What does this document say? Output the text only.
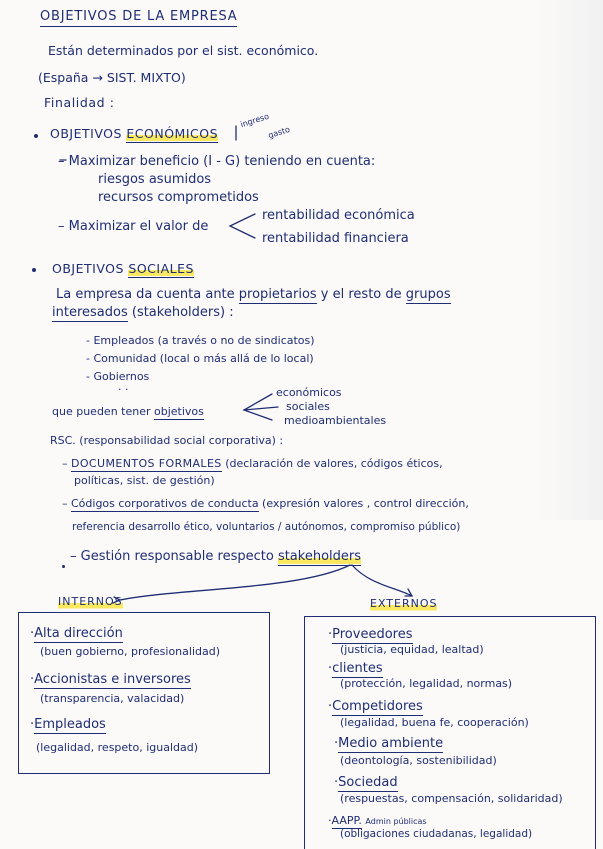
OBJETIVOS DE LA EMPRESA
Están determinados por el sist. económico.
(España → SIST. MIXTO)
Finalidad :
OBJETIVOS ECONÓMICOS
ingreso
gasto
– Maximizar beneficio (I - G) teniendo en cuenta:
riesgos asumidos
recursos comprometidos
– Maximizar el valor de
rentabilidad económica
rentabilidad financiera
OBJETIVOS SOCIALES
La empresa da cuenta ante propietarios y el resto de grupos
interesados (stakeholders) :
- Empleados (a través o no de sindicatos)
- Comunidad (local o más allá de lo local)
- Gobiernos
· ·
que pueden tener objetivos
económicos
sociales
medioambientales
RSC. (responsabilidad social corporativa) :
– DOCUMENTOS FORMALES (declaración de valores, códigos éticos,
políticas, sist. de gestión)
– Códigos corporativos de conducta (expresión valores , control dirección,
referencia desarrollo ético, voluntarios / autónomos, compromiso público)
– Gestión responsable respecto stakeholders
INTERNOS	EXTERNOS
·Alta dirección
(buen gobierno, profesionalidad)
·Accionistas e inversores
(transparencia, valacidad)
·Empleados
(legalidad, respeto, igualdad)
·Proveedores
(justicia, equidad, lealtad)
·clientes
(protección, legalidad, normas)
·Competidores
(legalidad, buena fe, cooperación)
·Medio ambiente
(deontología, sostenibilidad)
·Sociedad
(respuestas, compensación, solidaridad)
·AAPP. Admin públicas
(obligaciones ciudadanas, legalidad)
